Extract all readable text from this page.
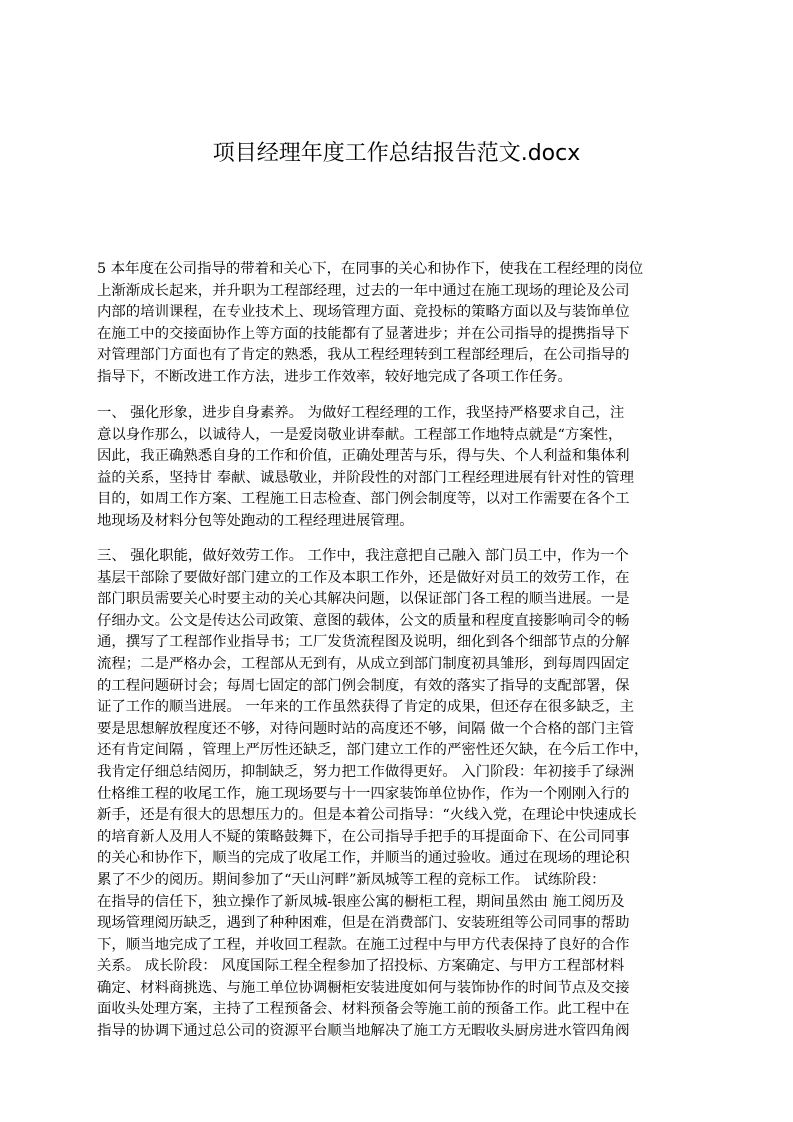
项目经理年度工作总结报告范文.docx
5 本年度在公司指导的带着和关心下，在同事的关心和协作下，使我在工程经理的岗位
上渐渐成长起来，并升职为工程部经理，过去的一年中通过在施工现场的理论及公司
内部的培训课程，在专业技术上、现场管理方面、竞投标的策略方面以及与装饰单位
在施工中的交接面协作上等方面的技能都有了显著进步；并在公司指导的提携指导下
对管理部门方面也有了肯定的熟悉，我从工程经理转到工程部经理后，在公司指导的
指导下，不断改进工作方法，进步工作效率，较好地完成了各项工作任务。
一、 强化形象，进步自身素养。 为做好工程经理的工作，我坚持严格要求自己，注
意以身作那么，以诚待人，一是爱岗敬业讲奉献。工程部工作地特点就是“方案性，
因此，我正确熟悉自身的工作和价值，正确处理苦与乐，得与失、个人利益和集体利
益的关系，坚持甘 奉献、诚恳敬业，并阶段性的对部门工程经理进展有针对性的管理
目的，如周工作方案、工程施工日志检查、部门例会制度等，以对工作需要在各个工
地现场及材料分包等处跑动的工程经理进展管理。
三、 强化职能，做好效劳工作。 工作中，我注意把自己融入 部门员工中，作为一个
基层干部除了要做好部门建立的工作及本职工作外，还是做好对员工的效劳工作，在
部门职员需要关心时要主动的关心其解决问题，以保证部门各工程的顺当进展。一是
仔细办文。公文是传达公司政策、意图的载体，公文的质量和程度直接影响司令的畅
通，撰写了工程部作业指导书；工厂发货流程图及说明，细化到各个细部节点的分解
流程；二是严格办会，工程部从无到有，从成立到部门制度初具雏形，到每周四固定
的工程问题研讨会；每周七固定的部门例会制度，有效的落实了指导的支配部署，保
证了工作的顺当进展。 一年来的工作虽然获得了肯定的成果，但还存在很多缺乏，主
要是思想解放程度还不够，对待问题时站的高度还不够，间隔 做一个合格的部门主管
还有肯定间隔 ，管理上严厉性还缺乏，部门建立工作的严密性还欠缺，在今后工作中，
我肯定仔细总结阅历，抑制缺乏，努力把工作做得更好。 入门阶段：年初接手了绿洲
仕格维工程的收尾工作，施工现场要与十一四家装饰单位协作，作为一个刚刚入行的
新手，还是有很大的思想压力的。但是本着公司指导：“火线入党，在理论中快速成长
的培育新人及用人不疑的策略鼓舞下，在公司指导手把手的耳提面命下、在公司同事
的关心和协作下，顺当的完成了收尾工作，并顺当的通过验收。通过在现场的理论积
累了不少的阅历。期间参加了“天山河畔”新凤城等工程的竞标工作。 试练阶段：
在指导的信任下，独立操作了新凤城-银座公寓的橱柜工程，期间虽然由 施工阅历及
现场管理阅历缺乏，遇到了种种困难，但是在消费部门、安装班组等公司同事的帮助
下，顺当地完成了工程，并收回工程款。在施工过程中与甲方代表保持了良好的合作
关系。 成长阶段： 风度国际工程全程参加了招投标、方案确定、与甲方工程部材料
确定、材料商挑选、与施工单位协调橱柜安装进度如何与装饰协作的时间节点及交接
面收头处理方案，主持了工程预备会、材料预备会等施工前的预备工作。此工程中在
指导的协调下通过总公司的资源平台顺当地解决了施工方无暇收头厨房进水管四角阀
